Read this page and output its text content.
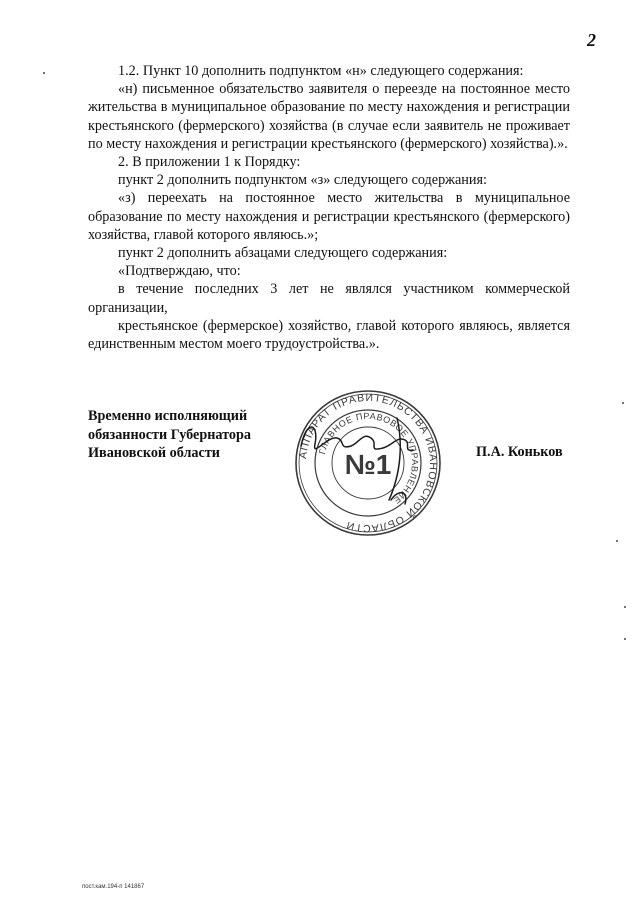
2

1.2. Пункт 10 дополнить подпунктом «н» следующего содержания:

«н) письменное обязательство заявителя о переезде на постоянное место жительства в муниципальное образование по месту нахождения и регистрации крестьянского (фермерского) хозяйства (в случае если заявитель не проживает по месту нахождения и регистрации крестьянского (фермерского) хозяйства).».

2. В приложении 1 к Порядку:

пункт 2 дополнить подпунктом «з» следующего содержания:

«з) переехать на постоянное место жительства в муниципальное образование по месту нахождения и регистрации крестьянского (фермерского) хозяйства, главой которого являюсь.»;

пункт 2 дополнить абзацами следующего содержания:

«Подтверждаю, что:

в течение последних 3 лет не являлся участником коммерческой организации,

крестьянское (фермерское) хозяйство, главой которого являюсь, является единственным местом моего трудоустройства.».

Временно исполняющий
обязанности Губернатора
Ивановской области	АППАРАТ ПРАВИТЕЛЬСТВА ИВАНОВСКОЙ ОБЛАСТИ
ГЛАВНОЕ ПРАВОВОЕ УПРАВЛЕНИЕ
№1	П.А. Коньков
пост.кам.194-п 141867
